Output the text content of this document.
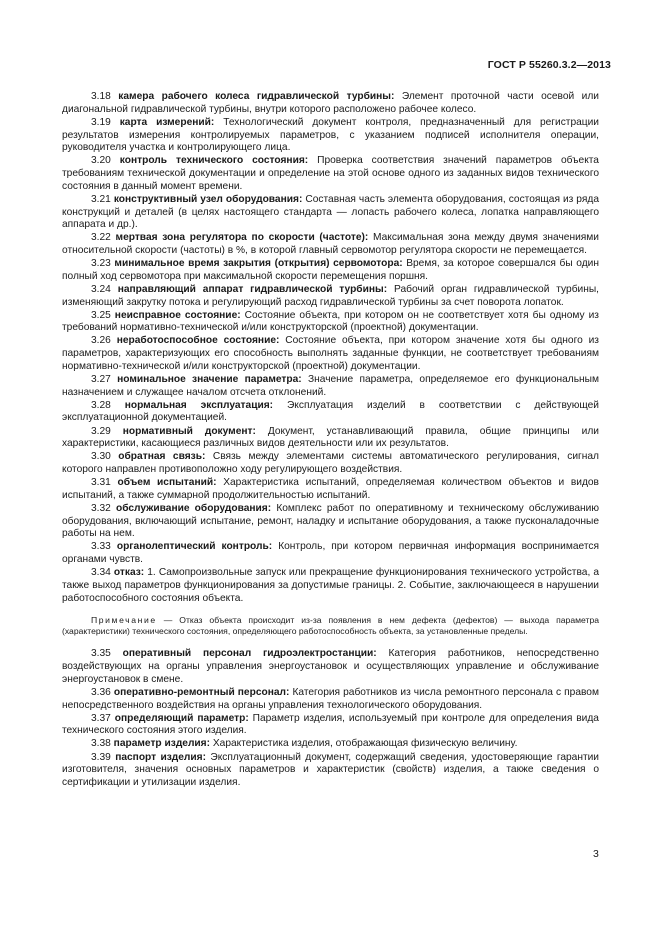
ГОСТ Р 55260.3.2—2013

3.18 камера рабочего колеса гидравлической турбины: Элемент проточной части осевой или диагональной гидравлической турбины, внутри которого расположено рабочее колесо.

3.19 карта измерений: Технологический документ контроля, предназначенный для регистрации результатов измерения контролируемых параметров, с указанием подписей исполнителя операции, руководителя участка и контролирующего лица.

3.20 контроль технического состояния: Проверка соответствия значений параметров объекта требованиям технической документации и определение на этой основе одного из заданных видов технического состояния в данный момент времени.

3.21 конструктивный узел оборудования: Составная часть элемента оборудования, состоящая из ряда конструкций и деталей (в целях настоящего стандарта — лопасть рабочего колеса, лопатка направляющего аппарата и др.).

3.22 мертвая зона регулятора по скорости (частоте): Максимальная зона между двумя значениями относительной скорости (частоты) в %, в которой главный сервомотор регулятора скорости не перемещается.

3.23 минимальное время закрытия (открытия) сервомотора: Время, за которое совершался бы один полный ход сервомотора при максимальной скорости перемещения поршня.

3.24 направляющий аппарат гидравлической турбины: Рабочий орган гидравлической турбины, изменяющий закрутку потока и регулирующий расход гидравлической турбины за счет поворота лопаток.

3.25 неисправное состояние: Состояние объекта, при котором он не соответствует хотя бы одному из требований нормативно-технической и/или конструкторской (проектной) документации.

3.26 неработоспособное состояние: Состояние объекта, при котором значение хотя бы одного из параметров, характеризующих его способность выполнять заданные функции, не соответствует требованиям нормативно-технической и/или конструкторской (проектной) документации.

3.27 номинальное значение параметра: Значение параметра, определяемое его функциональным назначением и служащее началом отсчета отклонений.

3.28 нормальная эксплуатация: Эксплуатация изделий в соответствии с действующей эксплуатационной документацией.

3.29 нормативный документ: Документ, устанавливающий правила, общие принципы или характеристики, касающиеся различных видов деятельности или их результатов.

3.30 обратная связь: Связь между элементами системы автоматического регулирования, сигнал которого направлен противоположно ходу регулирующего воздействия.

3.31 объем испытаний: Характеристика испытаний, определяемая количеством объектов и видов испытаний, а также суммарной продолжительностью испытаний.

3.32 обслуживание оборудования: Комплекс работ по оперативному и техническому обслуживанию оборудования, включающий испытание, ремонт, наладку и испытание оборудования, а также пусконаладочные работы на нем.

3.33 органолептический контроль: Контроль, при котором первичная информация воспринимается органами чувств.

3.34 отказ: 1. Самопроизвольные запуск или прекращение функционирования технического устройства, а также выход параметров функционирования за допустимые границы. 2. Событие, заключающееся в нарушении работоспособного состояния объекта.

Примечание — Отказ объекта происходит из-за появления в нем дефекта (дефектов) — выхода параметра (характеристики) технического состояния, определяющего работоспособность объекта, за установленные пределы.

3.35 оперативный персонал гидроэлектростанции: Категория работников, непосредственно воздействующих на органы управления энергоустановок и осуществляющих управление и обслуживание энергоустановок в смене.

3.36 оперативно-ремонтный персонал: Категория работников из числа ремонтного персонала с правом непосредственного воздействия на органы управления технологического оборудования.

3.37 определяющий параметр: Параметр изделия, используемый при контроле для определения вида технического состояния этого изделия.

3.38 параметр изделия: Характеристика изделия, отображающая физическую величину.

3.39 паспорт изделия: Эксплуатационный документ, содержащий сведения, удостоверяющие гарантии изготовителя, значения основных параметров и характеристик (свойств) изделия, а также сведения о сертификации и утилизации изделия.

3
